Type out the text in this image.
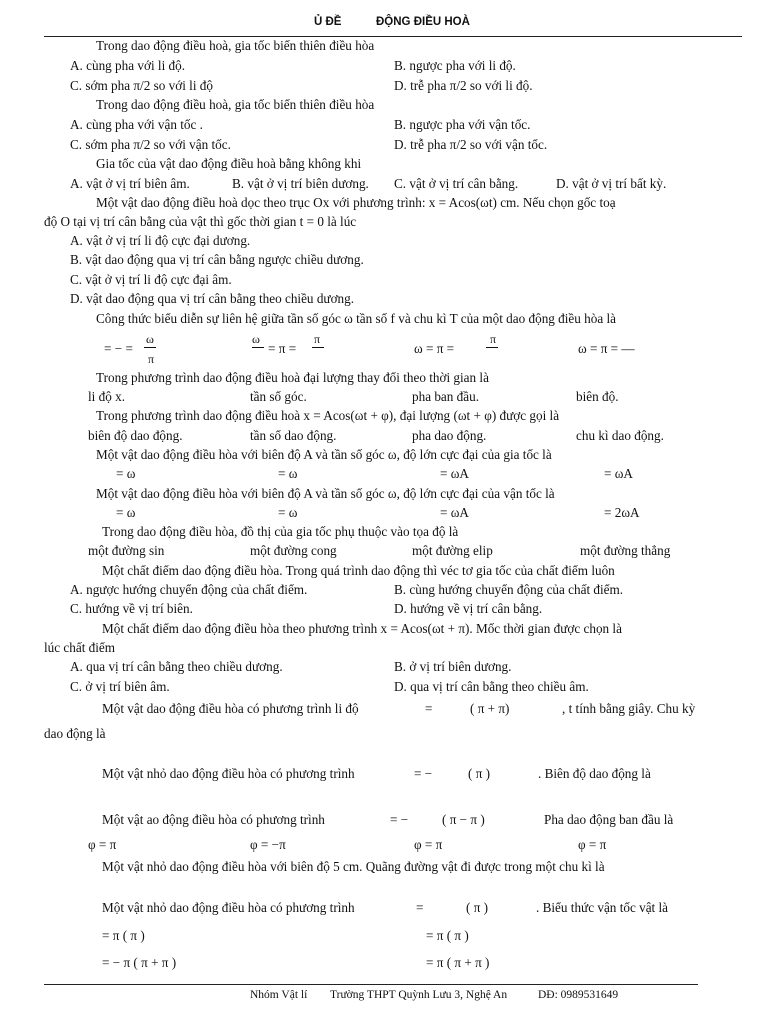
Ủ ĐỀ	ĐỘNG ĐIỀU HOÀ
Trong dao động điều hoà, gia tốc biến thiên điều hòa
A. cùng pha với li độ.	B. ngược pha với li độ.
C. sớm pha π/2 so với li độ	D. trễ pha π/2 so với li độ.
Trong dao động điều hoà, gia tốc biến thiên điều hòa
A. cùng pha với vận tốc .	B. ngược pha với vận tốc.
C. sớm pha π/2 so với vận tốc.	D. trễ pha π/2 so với vận tốc.
Gia tốc của vật dao động điều hoà bằng không khi
A. vật ở vị trí biên âm.	B. vật ở vị trí biên dương. C. vật ở vị trí cân bằng.	D. vật ở vị trí bất kỳ.
Một vật dao động điều hoà dọc theo trục Ox với phương trình: x = Acos(ωt) cm. Nếu chọn gốc toạ
độ O tại vị trí cân bằng của vật thì gốc thời gian t = 0 là lúc
A. vật ở vị trí li độ cực đại dương.
B. vật dao động qua vị trí cân bằng ngược chiều dương.
C. vật ở vị trí li độ cực đại âm.
D. vật dao động qua vị trí cân bằng theo chiều dương.
Công thức biểu diễn sự liên hệ giữa tần số góc ω tần số f và chu kì T của một dao động điều hòa là
= − =
ω
π
ω
= π =
π
ω = π =
π
ω = π = —
Trong phương trình dao động điều hoà đại lượng thay đổi theo thời gian là
li độ x.	tần số góc.	pha ban đầu.	biên độ.
Trong phương trình dao động điều hoà x = Acos(ωt + φ), đại lượng (ωt + φ) được gọi là
biên độ dao động.	tần số dao động.	pha dao động.	chu kì dao động.
Một vật dao động điều hòa với biên độ A và tần số góc ω, độ lớn cực đại của gia tốc là
= ω	= ω	= ωA	= ωA
Một vật dao động điều hòa với biên độ A và tần số góc ω, độ lớn cực đại của vận tốc là
= ω	= ω	= ωA	= 2ωA
Trong dao động điều hòa, đồ thị của gia tốc phụ thuộc vào tọa độ là
một đường sin	một đường cong	một đường elip	một đường thẳng
Một chất điểm dao động điều hòa. Trong quá trình dao động thì véc tơ gia tốc của chất điểm luôn
A. ngược hướng chuyển động của chất điểm.	B. cùng hướng chuyển động của chất điểm.
C. hướng về vị trí biên.	D. hướng về vị trí cân bằng.
Một chất điểm dao động điều hòa theo phương trình x = Acos(ωt + π). Mốc thời gian được chọn là
lúc chất điểm
A. qua vị trí cân bằng theo chiều dương.	B. ở vị trí biên dương.
C. ở vị trí biên âm.	D. qua vị trí cân bằng theo chiều âm.
Một vật dao động điều hòa có phương trình li độ	=	( π + π)	, t tính bằng giây. Chu kỳ
dao động là
Một vật nhỏ dao động điều hòa có phương trình	= −	( π )	. Biên độ dao động là
Một vật ao động điều hòa có phương trình	= −	( π − π )	Pha dao động ban đầu là
φ = π	φ = −π	φ = π	φ = π
Một vật nhỏ dao động điều hòa với biên độ 5 cm. Quãng đường vật đi được trong một chu kì là
Một vật nhỏ dao động điều hòa có phương trình	=	( π )	. Biểu thức vận tốc vật là
= π ( π )	= π ( π )
= − π ( π + π )	= π ( π + π )
Nhóm Vật lí Trường THPT Quỳnh Lưu 3, Nghệ An	DĐ: 0989531649
